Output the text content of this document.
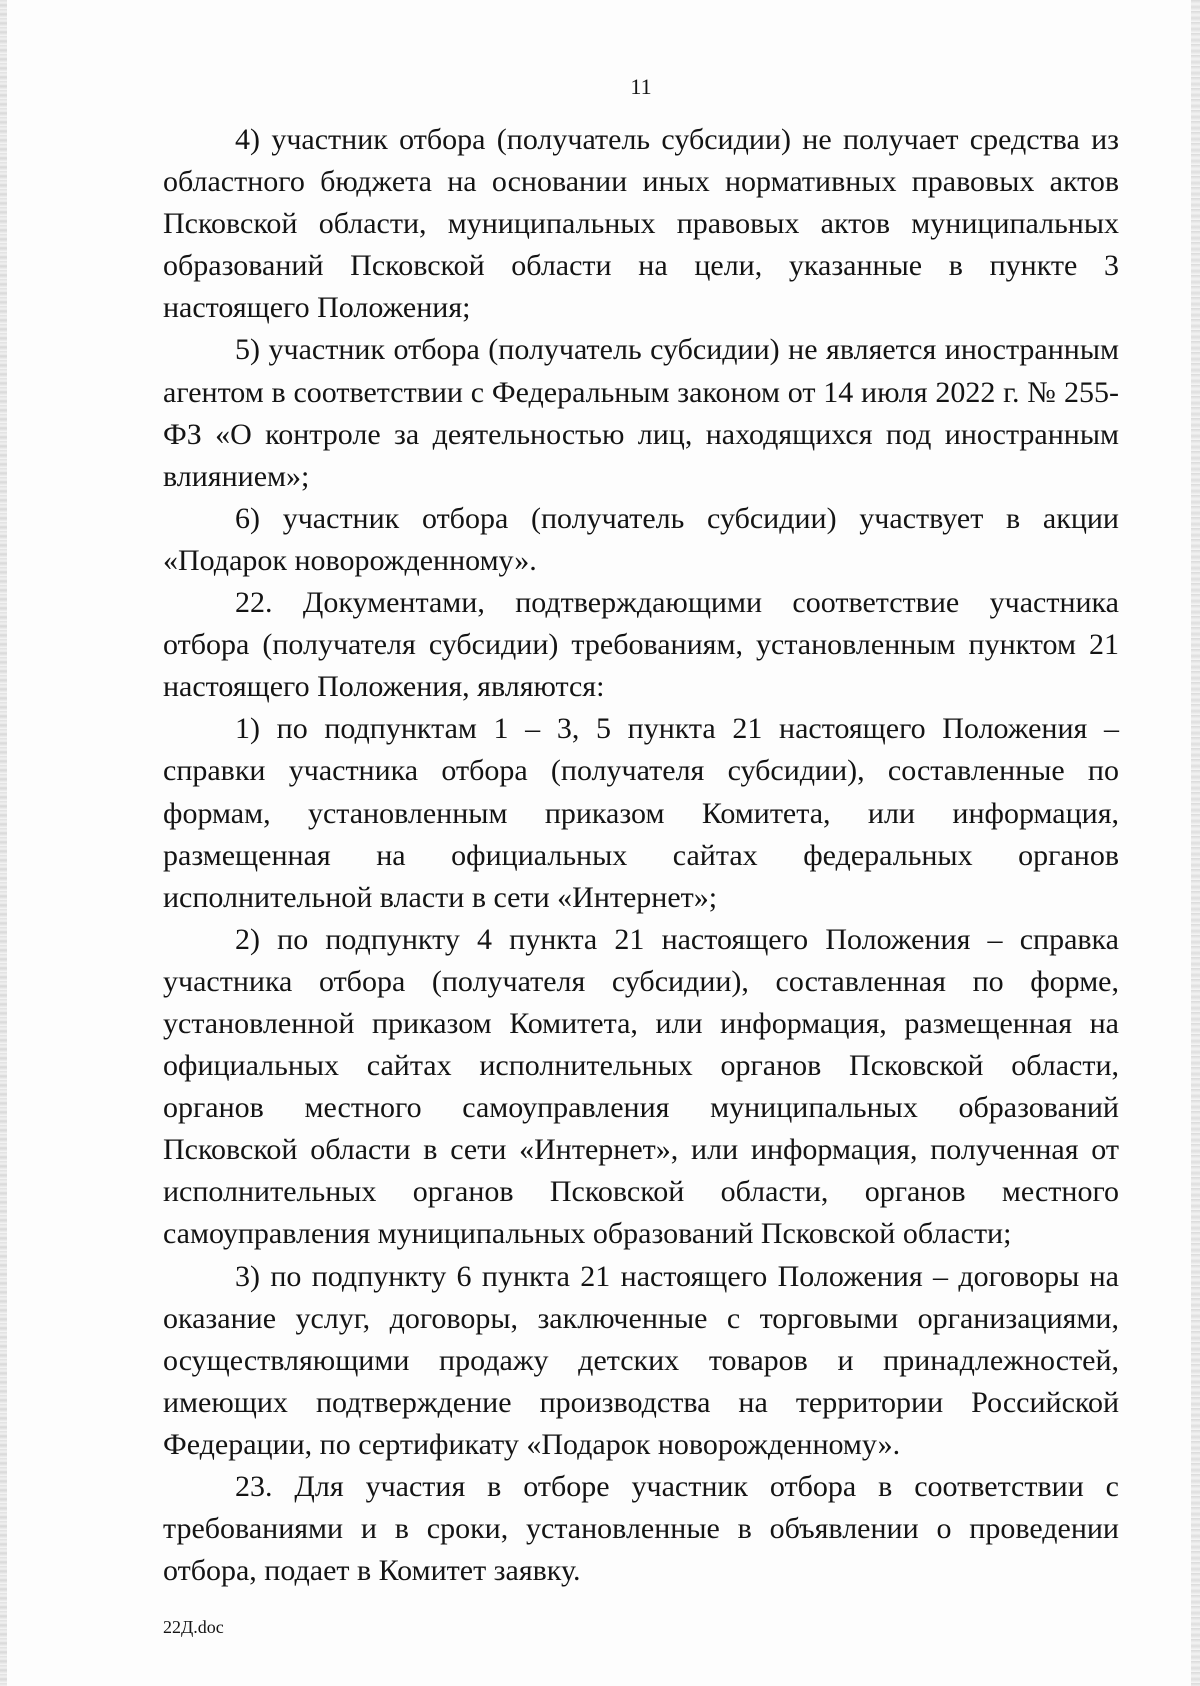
11

4) участник отбора (получатель субсидии) не получает средства из областного бюджета на основании иных нормативных правовых актов Псковской области, муниципальных правовых актов муниципальных образований Псковской области на цели, указанные в пункте 3 настоящего Положения;

5) участник отбора (получатель субсидии) не является иностранным агентом в соответствии с Федеральным законом от 14 июля 2022 г. № 255-ФЗ «О контроле за деятельностью лиц, находящихся под иностранным влиянием»;

6) участник отбора (получатель субсидии) участвует в акции «Подарок новорожденному».

22. Документами, подтверждающими соответствие участника отбора (получателя субсидии) требованиям, установленным пунктом 21 настоящего Положения, являются:

1) по подпунктам 1 – 3, 5 пункта 21 настоящего Положения – справки участника отбора (получателя субсидии), составленные по формам, установленным приказом Комитета, или информация, размещенная на официальных сайтах федеральных органов исполнительной власти в сети «Интернет»;

2) по подпункту 4 пункта 21 настоящего Положения – справка участника отбора (получателя субсидии), составленная по форме, установленной приказом Комитета, или информация, размещенная на официальных сайтах исполнительных органов Псковской области, органов местного самоуправления муниципальных образований Псковской области в сети «Интернет», или информация, полученная от исполнительных органов Псковской области, органов местного самоуправления муниципальных образований Псковской области;

3) по подпункту 6 пункта 21 настоящего Положения – договоры на оказание услуг, договоры, заключенные с торговыми организациями, осуществляющими продажу детских товаров и принадлежностей, имеющих подтверждение производства на территории Российской Федерации, по сертификату «Подарок новорожденному».

23. Для участия в отборе участник отбора в соответствии с требованиями и в сроки, установленные в объявлении о проведении отбора, подает в Комитет заявку.

22Д.doc
